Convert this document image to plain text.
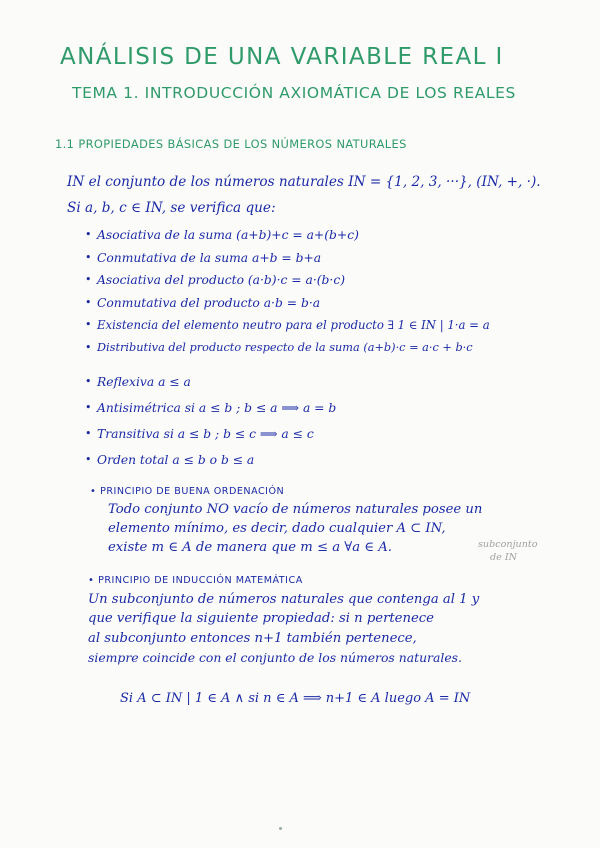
ANÁLISIS DE UNA VARIABLE REAL I
TEMA 1. INTRODUCCIÓN AXIOMÁTICA DE LOS REALES
1.1 PROPIEDADES BÁSICAS DE LOS NÚMEROS NATURALES
IN el conjunto de los números naturales IN = {1, 2, 3, ···}, (IN, +, ·).
Si a, b, c ∈ IN, se verifica que:
• Asociativa de la suma (a+b)+c = a+(b+c)
• Conmutativa de la suma a+b = b+a
• Asociativa del producto (a·b)·c = a·(b·c)
• Conmutativa del producto a·b = b·a
• Existencia del elemento neutro para el producto ∃ 1 ∈ IN | 1·a = a
• Distributiva del producto respecto de la suma (a+b)·c = a·c + b·c
• Reflexiva a ≤ a
• Antisimétrica si a ≤ b ; b ≤ a ⟹ a = b
• Transitiva si a ≤ b ; b ≤ c ⟹ a ≤ c
• Orden total a ≤ b o b ≤ a
• PRINCIPIO DE BUENA ORDENACIÓN
Todo conjunto NO vacío de números naturales posee un
elemento mínimo, es decir, dado cualquier A ⊂ IN,
existe m ∈ A de manera que m ≤ a ∀a ∈ A.	subconjunto
de IN
• PRINCIPIO DE INDUCCIÓN MATEMÁTICA
Un subconjunto de números naturales que contenga al 1 y
que verifique la siguiente propiedad: si n pertenece
al subconjunto entonces n+1 también pertenece,
siempre coincide con el conjunto de los números naturales.
Si A ⊂ IN | 1 ∈ A ∧ si n ∈ A ⟹ n+1 ∈ A luego A = IN
